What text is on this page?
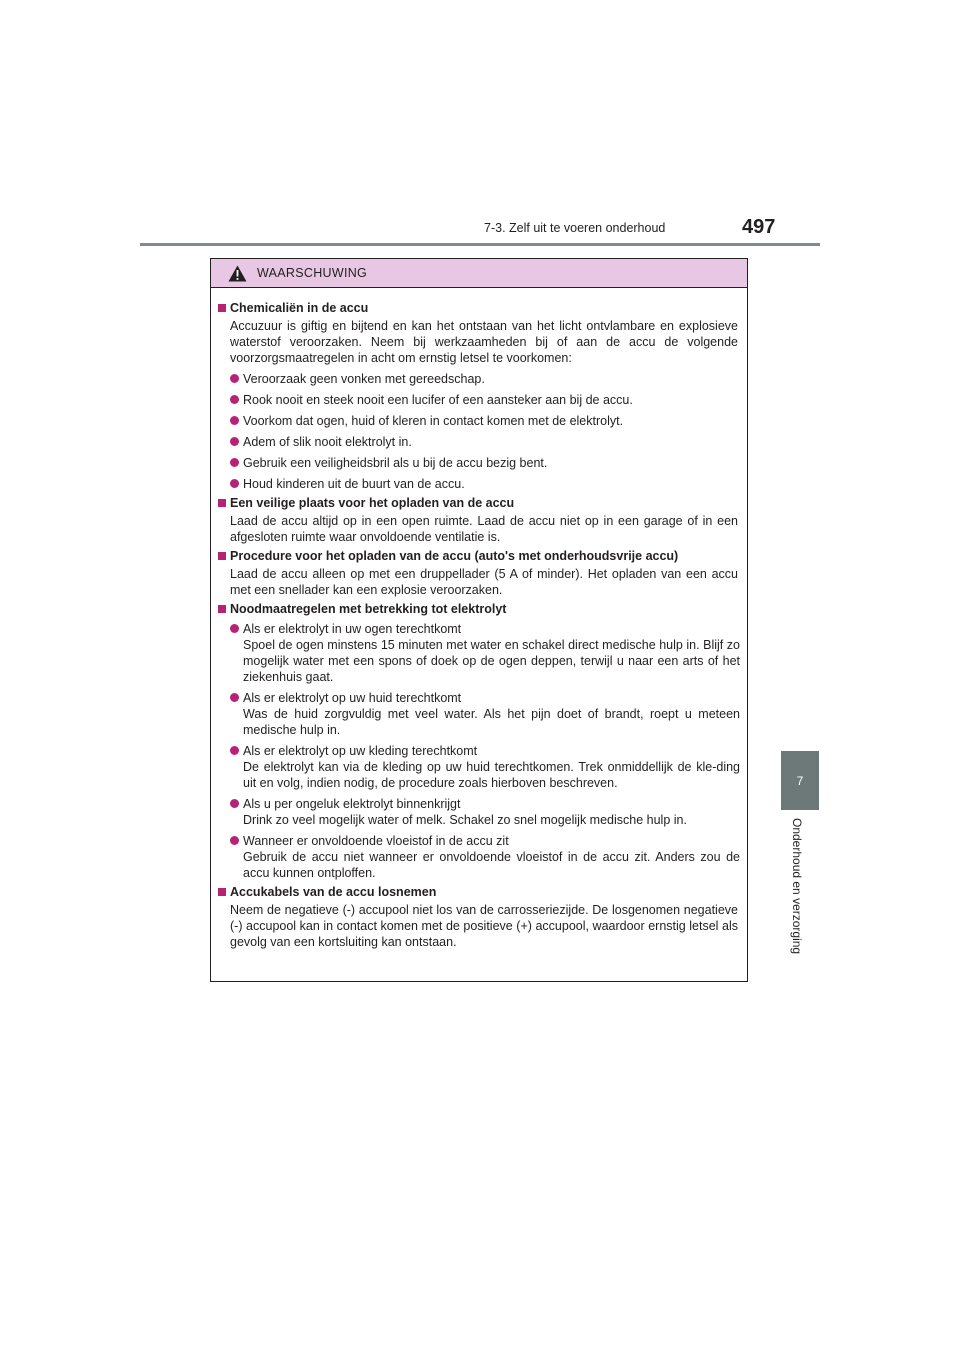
7-3. Zelf uit te voeren onderhoud	497
7
Onderhoud en verzorging
WAARSCHUWING
Chemicaliën in de accu
Accuzuur is giftig en bijtend en kan het ontstaan van het licht ontvlambare en explosieve waterstof veroorzaken. Neem bij werkzaamheden bij of aan de accu de volgende voorzorgsmaatregelen in acht om ernstig letsel te voorkomen:
Veroorzaak geen vonken met gereedschap.
Rook nooit en steek nooit een lucifer of een aansteker aan bij de accu.
Voorkom dat ogen, huid of kleren in contact komen met de elektrolyt.
Adem of slik nooit elektrolyt in.
Gebruik een veiligheidsbril als u bij de accu bezig bent.
Houd kinderen uit de buurt van de accu.
Een veilige plaats voor het opladen van de accu
Laad de accu altijd op in een open ruimte. Laad de accu niet op in een garage of in een afgesloten ruimte waar onvoldoende ventilatie is.
Procedure voor het opladen van de accu (auto's met onderhoudsvrije accu)
Laad de accu alleen op met een druppellader (5 A of minder). Het opladen van een accu met een snellader kan een explosie veroorzaken.
Noodmaatregelen met betrekking tot elektrolyt
Als er elektrolyt in uw ogen terechtkomt
Spoel de ogen minstens 15 minuten met water en schakel direct medische hulp in. Blijf zo mogelijk water met een spons of doek op de ogen deppen, terwijl u naar een arts of het ziekenhuis gaat.
Als er elektrolyt op uw huid terechtkomt
Was de huid zorgvuldig met veel water. Als het pijn doet of brandt, roept u meteen medische hulp in.
Als er elektrolyt op uw kleding terechtkomt
De elektrolyt kan via de kleding op uw huid terechtkomen. Trek onmiddellijk de kle-ding uit en volg, indien nodig, de procedure zoals hierboven beschreven.
Als u per ongeluk elektrolyt binnenkrijgt
Drink zo veel mogelijk water of melk. Schakel zo snel mogelijk medische hulp in.
Wanneer er onvoldoende vloeistof in de accu zit
Gebruik de accu niet wanneer er onvoldoende vloeistof in de accu zit. Anders zou de accu kunnen ontploffen.
Accukabels van de accu losnemen
Neem de negatieve (-) accupool niet los van de carrosseriezijde. De losgenomen negatieve (-) accupool kan in contact komen met de positieve (+) accupool, waardoor ernstig letsel als gevolg van een kortsluiting kan ontstaan.
